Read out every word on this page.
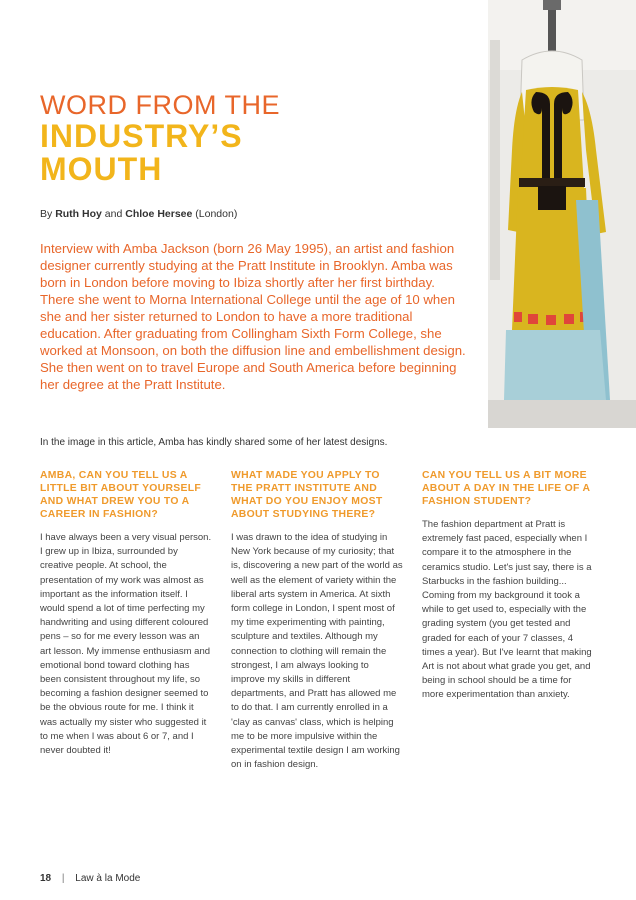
WORD FROM THE
INDUSTRY’S
MOUTH
By Ruth Hoy and Chloe Hersee (London)
Interview with Amba Jackson (born 26 May 1995), an artist and fashion designer currently studying at the Pratt Institute in Brooklyn. Amba was born in London before moving to Ibiza shortly after her first birthday. There she went to Morna International College until the age of 10 when she and her sister returned to London to have a more traditional education. After graduating from Collingham Sixth Form College, she worked at Monsoon, on both the diffusion line and embellishment design. She then went on to travel Europe and South America before beginning her degree at the Pratt Institute.
In the image in this article, Amba has kindly shared some of her latest designs.
AMBA, CAN YOU TELL US A LITTLE BIT ABOUT YOURSELF AND WHAT DREW YOU TO A CAREER IN FASHION?

I have always been a very visual person. I grew up in Ibiza, surrounded by creative people. At school, the presentation of my work was almost as important as the information itself. I would spend a lot of time perfecting my handwriting and using different coloured pens – so for me every lesson was an art lesson. My immense enthusiasm and emotional bond toward clothing has been consistent throughout my life, so becoming a fashion designer seemed to be the obvious route for me. I think it was actually my sister who suggested it to me when I was about 6 or 7, and I never doubted it!

WHAT MADE YOU APPLY TO THE PRATT INSTITUTE AND WHAT DO YOU ENJOY MOST ABOUT STUDYING THERE?

I was drawn to the idea of studying in New York because of my curiosity; that is, discovering a new part of the world as well as the element of variety within the liberal arts system in America. At sixth form college in London, I spent most of my time experimenting with painting, sculpture and textiles. Although my connection to clothing will remain the strongest, I am always looking to improve my skills in different departments, and Pratt has allowed me to do that. I am currently enrolled in a 'clay as canvas' class, which is helping me to be more impulsive within the experimental textile design I am working on in fashion design.

CAN YOU TELL US A BIT MORE ABOUT A DAY IN THE LIFE OF A FASHION STUDENT?

The fashion department at Pratt is extremely fast paced, especially when I compare it to the atmosphere in the ceramics studio. Let's just say, there is a Starbucks in the fashion building... Coming from my background it took a while to get used to, especially with the grading system (you get tested and graded for each of your 7 classes, 4 times a year). But I've learnt that making Art is not about what grade you get, and being in school should be a time for more experimentation than anxiety.

18 | Law à la Mode
